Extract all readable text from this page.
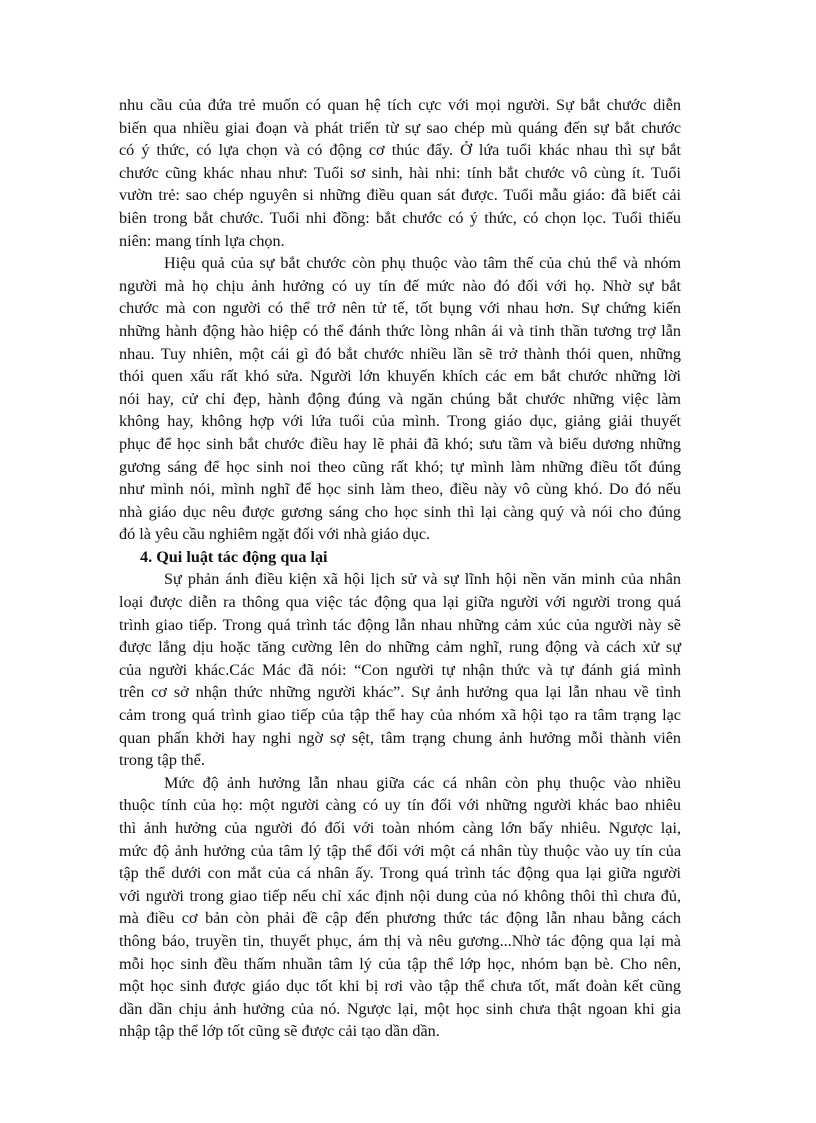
nhu cầu của đứa trẻ muốn có quan hệ tích cực với mọi người. Sự bắt chước diễn
biến qua nhiều giai đoạn và phát triển từ sự sao chép mù quáng đến sự bắt chước
có ý thức, có lựa chọn và có động cơ thúc đẩy. Ở lứa tuổi khác nhau thì sự bắt
chước cũng khác nhau như: Tuổi sơ sinh, hài nhi: tính bắt chước vô cùng ít. Tuổi
vườn trẻ: sao chép nguyên si những điều quan sát được. Tuổi mẫu giáo: đã biết cải
biên trong bắt chước. Tuổi nhi đồng: bắt chước có ý thức, có chọn lọc. Tuổi thiếu
niên: mang tính lựa chọn.
Hiệu quả của sự bắt chước còn phụ thuộc vào tâm thế của chủ thể và nhóm
người mà họ chịu ảnh hưởng có uy tín đế mức nào đó đối với họ. Nhờ sự bắt
chước mà con người có thể trở nên tử tế, tốt bụng với nhau hơn. Sự chứng kiến
những hành động hào hiệp có thể đánh thức lòng nhân ái và tinh thần tương trợ lẫn
nhau. Tuy nhiên, một cái gì đó bắt chước nhiều lần sẽ trở thành thói quen, những
thói quen xấu rất khó sửa. Người lớn khuyến khích các em bắt chước những lời
nói hay, cử chỉ đẹp, hành động đúng và ngăn chúng bắt chước những việc làm
không hay, không hợp với lứa tuổi của mình. Trong giáo dục, giảng giải thuyết
phục để học sinh bắt chước điều hay lẽ phải đã khó; sưu tầm và biểu dương những
gương sáng để học sinh noi theo cũng rất khó; tự mình làm những điều tốt đúng
như mình nói, mình nghĩ để học sinh làm theo, điều này vô cùng khó. Do đó nếu
nhà giáo dục nêu được gương sáng cho học sinh thì lại càng quý và nói cho đúng
đó là yêu cầu nghiêm ngặt đối với nhà giáo dục.
4. Qui luật tác động qua lại
Sự phản ánh điều kiện xã hội lịch sử và sự lĩnh hội nền văn minh của nhân
loại được diễn ra thông qua việc tác động qua lại giữa người với người trong quá
trình giao tiếp. Trong quá trình tác động lẫn nhau những cảm xúc của người này sẽ
được lắng dịu hoặc tăng cường lên do những cảm nghĩ, rung động và cách xử sự
của người khác.Các Mác đã nói: “Con người tự nhận thức và tự đánh giá mình
trên cơ sở nhận thức những người khác”. Sự ảnh hưởng qua lại lẫn nhau về tình
cảm trong quá trình giao tiếp của tập thể hay của nhóm xã hội tạo ra tâm trạng lạc
quan phấn khởi hay nghi ngờ sợ sệt, tâm trạng chung ảnh hưởng mỗi thành viên
trong tập thể.
Mức độ ảnh hưởng lẫn nhau giữa các cá nhân còn phụ thuộc vào nhiều
thuộc tính của họ: một người càng có uy tín đối với những người khác bao nhiêu
thì ảnh hưởng của người đó đối với toàn nhóm càng lớn bấy nhiêu. Ngược lại,
mức độ ảnh hưởng của tâm lý tập thể đối với một cá nhân tùy thuộc vào uy tín của
tập thể dưới con mắt của cá nhân ấy. Trong quá trình tác động qua lại giữa người
với người trong giao tiếp nếu chỉ xác định nội dung của nó không thôi thì chưa đủ,
mà điều cơ bản còn phải đề cập đến phương thức tác động lẫn nhau bằng cách
thông báo, truyền tin, thuyết phục, ám thị và nêu gương...Nhờ tác động qua lại mà
mỗi học sinh đều thấm nhuần tâm lý của tập thể lớp học, nhóm bạn bè. Cho nên,
một học sinh được giáo dục tốt khi bị rơi vào tập thể chưa tốt, mất đoàn kết cũng
dần dần chịu ảnh hưởng của nó. Ngược lại, một học sinh chưa thật ngoan khi gia
nhập tập thể lớp tốt cũng sẽ được cải tạo dần dần.
